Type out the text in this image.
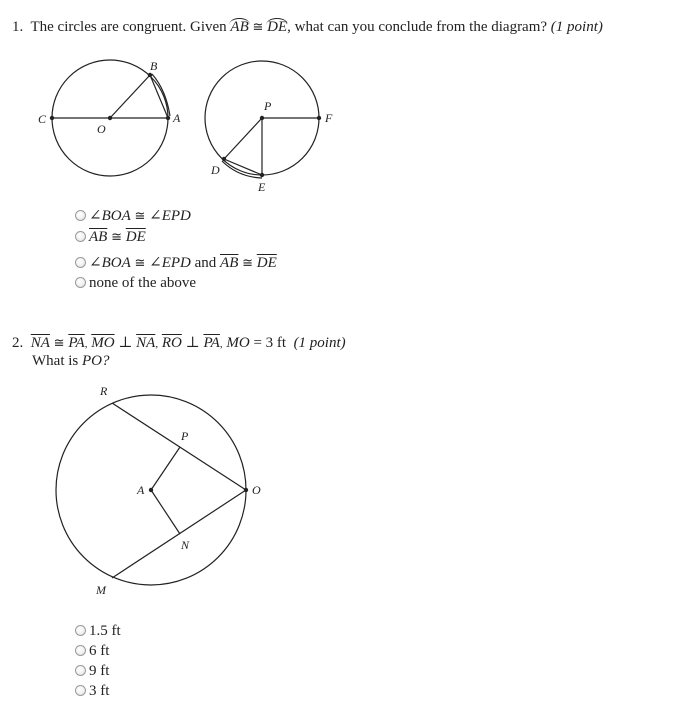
1. The circles are congruent. Given AB ≅ DE, what can you conclude from the diagram? (1 point)
B
C
O
A
P
F
D
E
∠BOA ≅ ∠EPD
$\overline{AB}$ ≅ $\overline{DE}$
∠BOA ≅ ∠EPD and $\overline{AB}$ ≅ $\overline{DE}$
none of the above
2. $\overline{NA}$ ≅ $\overline{PA}$, $\overline{MO}$ ⊥ $\overline{NA}$, $\overline{RO}$ ⊥ $\overline{PA}$, MO = 3 ft (1 point)
What is PO?
R
P
A	O
N
M
1.5 ft
6 ft
9 ft
3 ft
